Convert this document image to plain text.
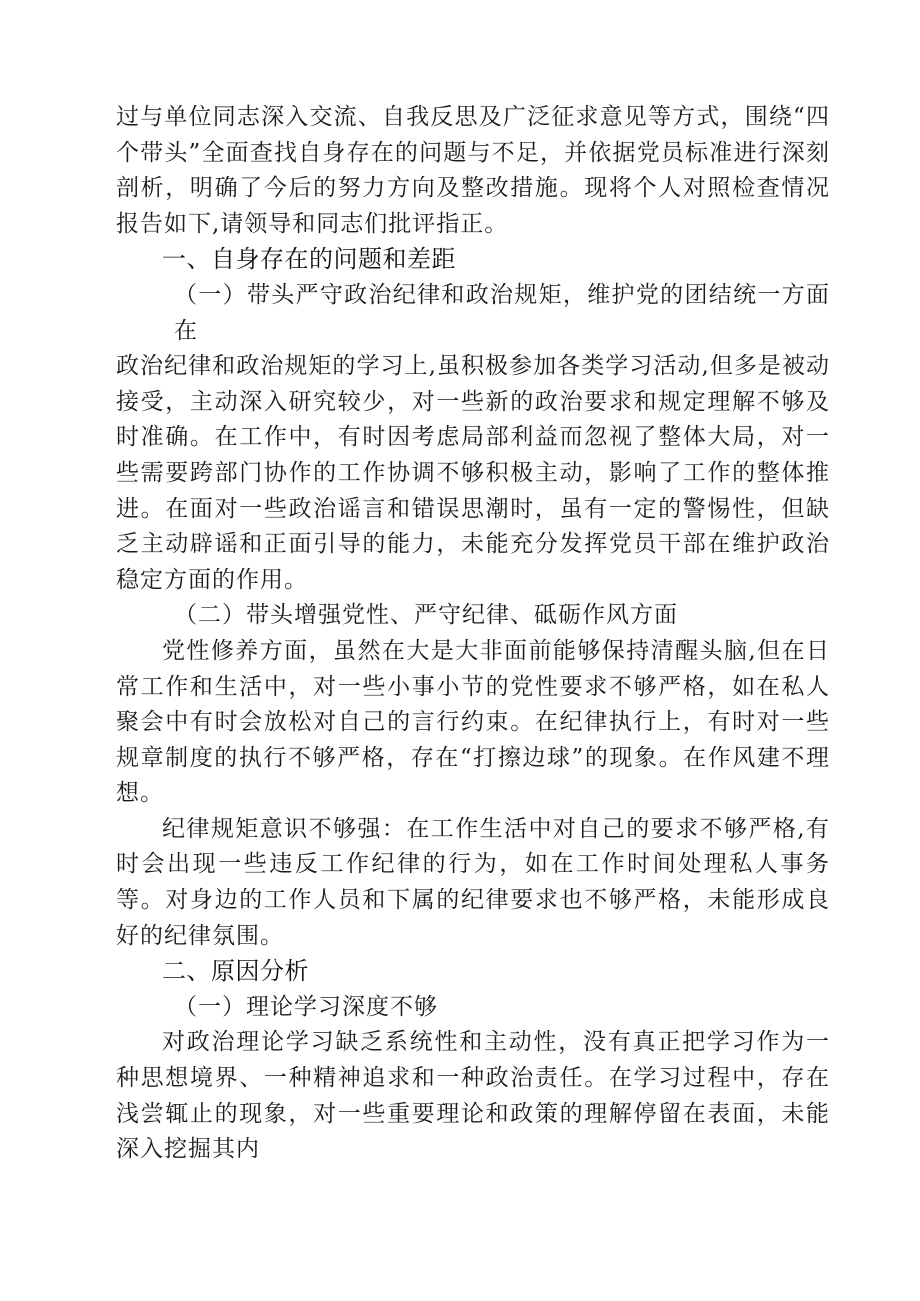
过与单位同志深入交流、自我反思及广泛征求意见等方式，围绕“四个带头”全面查找自身存在的问题与不足，并依据党员标准进行深刻剖析，明确了今后的努力方向及整改措施。现将个人对照检查情况报告如下,请领导和同志们批评指正。

一、自身存在的问题和差距

（一）带头严守政治纪律和政治规矩，维护党的团结统一方面在

政治纪律和政治规矩的学习上,虽积极参加各类学习活动,但多是被动接受，主动深入研究较少，对一些新的政治要求和规定理解不够及时准确。在工作中，有时因考虑局部利益而忽视了整体大局，对一些需要跨部门协作的工作协调不够积极主动，影响了工作的整体推进。在面对一些政治谣言和错误思潮时，虽有一定的警惕性，但缺乏主动辟谣和正面引导的能力，未能充分发挥党员干部在维护政治稳定方面的作用。

（二）带头增强党性、严守纪律、砥砺作风方面

党性修养方面，虽然在大是大非面前能够保持清醒头脑,但在日常工作和生活中，对一些小事小节的党性要求不够严格，如在私人聚会中有时会放松对自己的言行约束。在纪律执行上，有时对一些规章制度的执行不够严格，存在“打擦边球”的现象。在作风建不理想。

纪律规矩意识不够强：在工作生活中对自己的要求不够严格,有时会出现一些违反工作纪律的行为，如在工作时间处理私人事务等。对身边的工作人员和下属的纪律要求也不够严格，未能形成良好的纪律氛围。

二、原因分析

（一）理论学习深度不够

对政治理论学习缺乏系统性和主动性，没有真正把学习作为一种思想境界、一种精神追求和一种政治责任。在学习过程中，存在浅尝辄止的现象，对一些重要理论和政策的理解停留在表面，未能深入挖掘其内
